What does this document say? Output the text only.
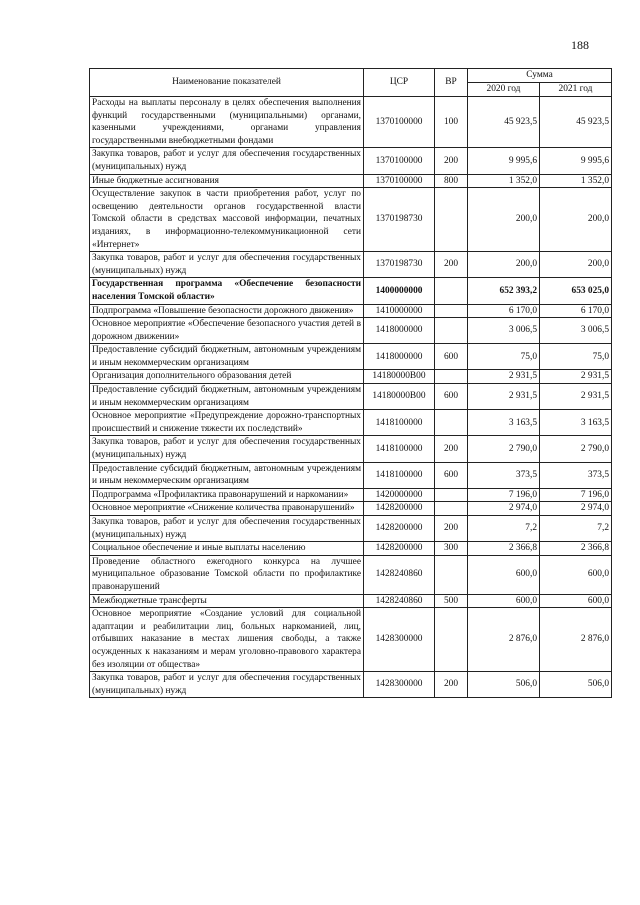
188
Наименование показателей	ЦСР	ВР	Сумма	
			2020 год	2021 год
Расходы на выплаты персоналу в целях обеспечения выполнения функций государственными (муниципальными) органами, казенными учреждениями, органами управления государственными внебюджетными фондами	1370100000	100	45 923,5	45 923,5
Закупка товаров, работ и услуг для обеспечения государственных (муниципальных) нужд	1370100000	200	9 995,6	9 995,6
Иные бюджетные ассигнования	1370100000	800	1 352,0	1 352,0
Осуществление закупок в части приобретения работ, услуг по освещению деятельности органов государственной власти Томской области в средствах массовой информации, печатных изданиях, в информационно-телекоммуникационной сети «Интернет»	1370198730		200,0	200,0
Закупка товаров, работ и услуг для обеспечения государственных (муниципальных) нужд	1370198730	200	200,0	200,0
Государственная программа «Обеспечение безопасности населения Томской области»	1400000000		652 393,2	653 025,0
Подпрограмма «Повышение безопасности дорожного движения»	1410000000		6 170,0	6 170,0
Основное мероприятие «Обеспечение безопасного участия детей в дорожном движении»	1418000000		3 006,5	3 006,5
Предоставление субсидий бюджетным, автономным учреждениям и иным некоммерческим организациям	1418000000	600	75,0	75,0
Организация дополнительного образования детей	14180000В00		2 931,5	2 931,5
Предоставление субсидий бюджетным, автономным учреждениям и иным некоммерческим организациям	14180000В00	600	2 931,5	2 931,5
Основное мероприятие «Предупреждение дорожно-транспортных происшествий и снижение тяжести их последствий»	1418100000		3 163,5	3 163,5
Закупка товаров, работ и услуг для обеспечения государственных (муниципальных) нужд	1418100000	200	2 790,0	2 790,0
Предоставление субсидий бюджетным, автономным учреждениям и иным некоммерческим организациям	1418100000	600	373,5	373,5
Подпрограмма «Профилактика правонарушений и наркомании»	1420000000		7 196,0	7 196,0
Основное мероприятие «Снижение количества правонарушений»	1428200000		2 974,0	2 974,0
Закупка товаров, работ и услуг для обеспечения государственных (муниципальных) нужд	1428200000	200	7,2	7,2
Социальное обеспечение и иные выплаты населению	1428200000	300	2 366,8	2 366,8
Проведение областного ежегодного конкурса на лучшее муниципальное образование Томской области по профилактике правонарушений	1428240860		600,0	600,0
Межбюджетные трансферты	1428240860	500	600,0	600,0
Основное мероприятие «Создание условий для социальной адаптации и реабилитации лиц, больных наркоманией, лиц, отбывших наказание в местах лишения свободы, а также осужденных к наказаниям и мерам уголовно-правового характера без изоляции от общества»	1428300000		2 876,0	2 876,0
Закупка товаров, работ и услуг для обеспечения государственных (муниципальных) нужд	1428300000	200	506,0	506,0
